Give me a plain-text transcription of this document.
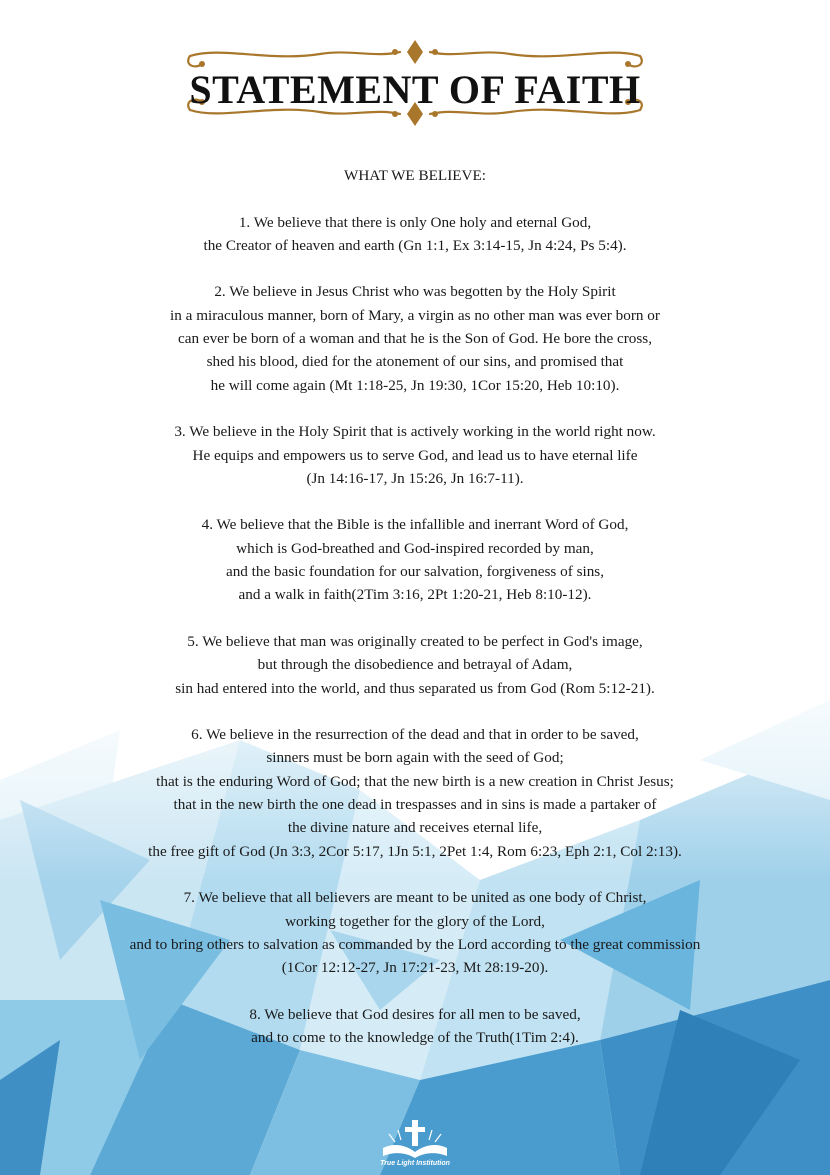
STATEMENT OF FAITH

WHAT WE BELIEVE:

1. We believe that there is only One holy and eternal God,
the Creator of heaven and earth (Gn 1:1, Ex 3:14-15, Jn 4:24, Ps 5:4).
2. We believe in Jesus Christ who was begotten by the Holy Spirit
in a miraculous manner, born of Mary, a virgin as no other man was ever born or
can ever be born of a woman and that he is the Son of God. He bore the cross,
shed his blood, died for the atonement of our sins, and promised that
he will come again (Mt 1:18-25, Jn 19:30, 1Cor 15:20, Heb 10:10).
3. We believe in the Holy Spirit that is actively working in the world right now.
He equips and empowers us to serve God, and lead us to have eternal life
(Jn 14:16-17, Jn 15:26, Jn 16:7-11).
4. We believe that the Bible is the infallible and inerrant Word of God,
which is God-breathed and God-inspired recorded by man,
and the basic foundation for our salvation, forgiveness of sins,
and a walk in faith(2Tim 3:16, 2Pt 1:20-21, Heb 8:10-12).
5. We believe that man was originally created to be perfect in God's image,
but through the disobedience and betrayal of Adam,
sin had entered into the world, and thus separated us from God (Rom 5:12-21).
6. We believe in the resurrection of the dead and that in order to be saved,
sinners must be born again with the seed of God;
that is the enduring Word of God; that the new birth is a new creation in Christ Jesus;
that in the new birth the one dead in trespasses and in sins is made a partaker of
the divine nature and receives eternal life,
the free gift of God (Jn 3:3, 2Cor 5:17, 1Jn 5:1, 2Pet 1:4, Rom 6:23, Eph 2:1, Col 2:13).
7. We believe that all believers are meant to be united as one body of Christ,
working together for the glory of the Lord,
and to bring others to salvation as commanded by the Lord according to the great commission
(1Cor 12:12-27, Jn 17:21-23, Mt 28:19-20).
8. We believe that God desires for all men to be saved,
and to come to the knowledge of the Truth(1Tim 2:4).
True Light Institution
